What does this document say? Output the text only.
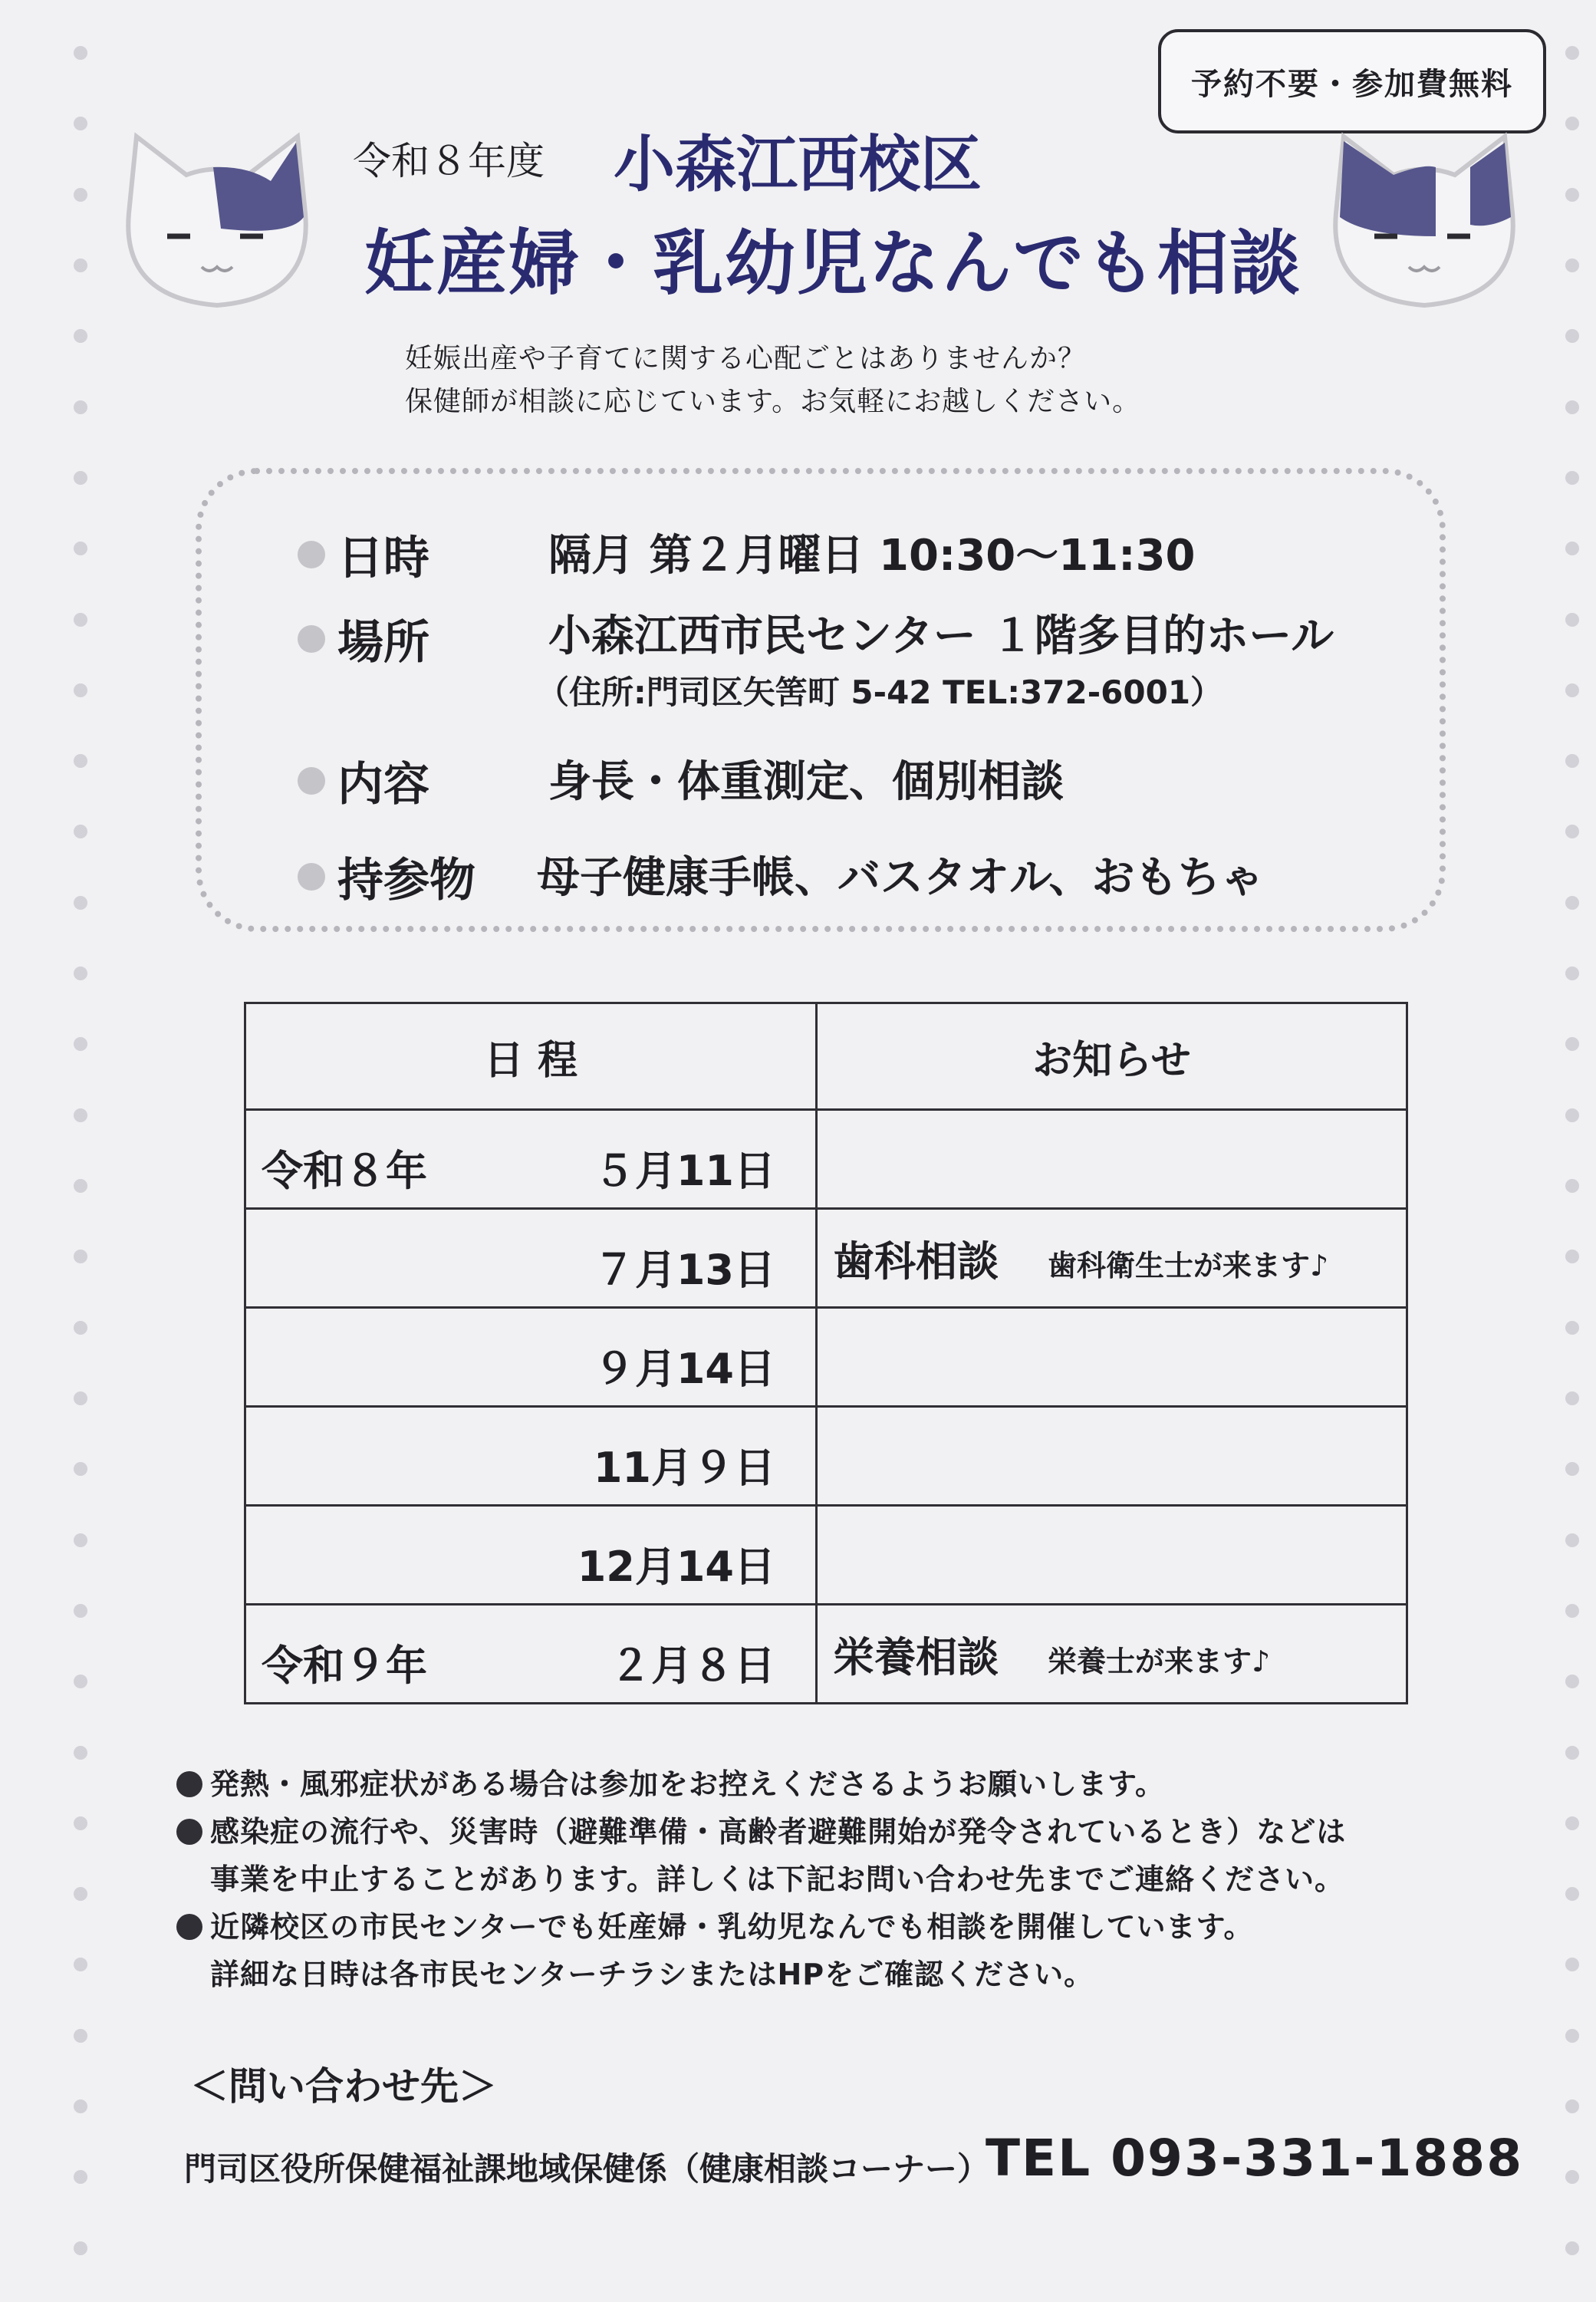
予約不要・参加費無料
令和８年度 小森江西校区
妊産婦・乳幼児なんでも相談
妊娠出産や子育てに関する心配ごとはありませんか？
保健師が相談に応じています。お気軽にお越しください。
日時	隔月 第２月曜日 10:30～11:30
場所	小森江西市民センター １階多目的ホール
（住所:門司区矢筈町 5-42 TEL:372-6001）
内容	身長・体重測定、個別相談
持参物 母子健康手帳、バスタオル、おもちゃ
日 程	お知らせ

令和８年 ５月11日	

７月13日	歯科相談 歯科衛生士が来ます♪

９月14日	

11月９日	

12月14日	

令和９年 ２月８日	栄養相談 栄養士が来ます♪
発熱・風邪症状がある場合は参加をお控えくださるようお願いします。
感染症の流行や、災害時（避難準備・高齢者避難開始が発令されているとき）などは
事業を中止することがあります。詳しくは下記お問い合わせ先までご連絡ください。
近隣校区の市民センターでも妊産婦・乳幼児なんでも相談を開催しています。
詳細な日時は各市民センターチラシまたはHPをご確認ください。
＜問い合わせ先＞
門司区役所保健福祉課地域保健係（健康相談コーナー）
TEL 093-331-1888
